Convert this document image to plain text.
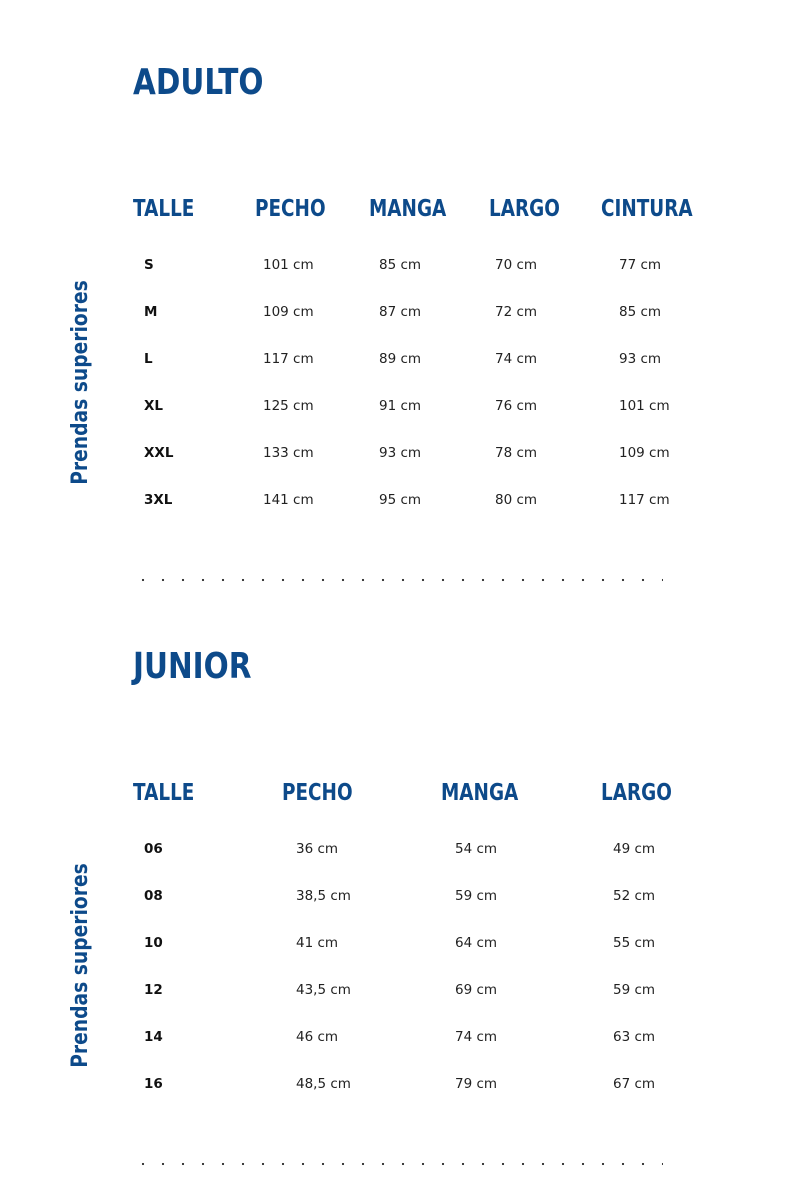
ADULTO
Prendas superiores
TALLE	PECHO MANGA LARGO CINTURA
S	101 cm	85 cm	70 cm	77 cm
M	109 cm	87 cm	72 cm	85 cm
L	117 cm	89 cm	74 cm	93 cm
XL	125 cm	91 cm	76 cm	101 cm
XXL	133 cm	93 cm	78 cm	109 cm
3XL	141 cm	95 cm	80 cm	117 cm
JUNIOR
Prendas superiores
TALLE	PECHO	MANGA	LARGO
06	36 cm	54 cm	49 cm
08	38,5 cm	59 cm	52 cm
10	41 cm	64 cm	55 cm
12	43,5 cm	69 cm	59 cm
14	46 cm	74 cm	63 cm
16	48,5 cm	79 cm	67 cm
